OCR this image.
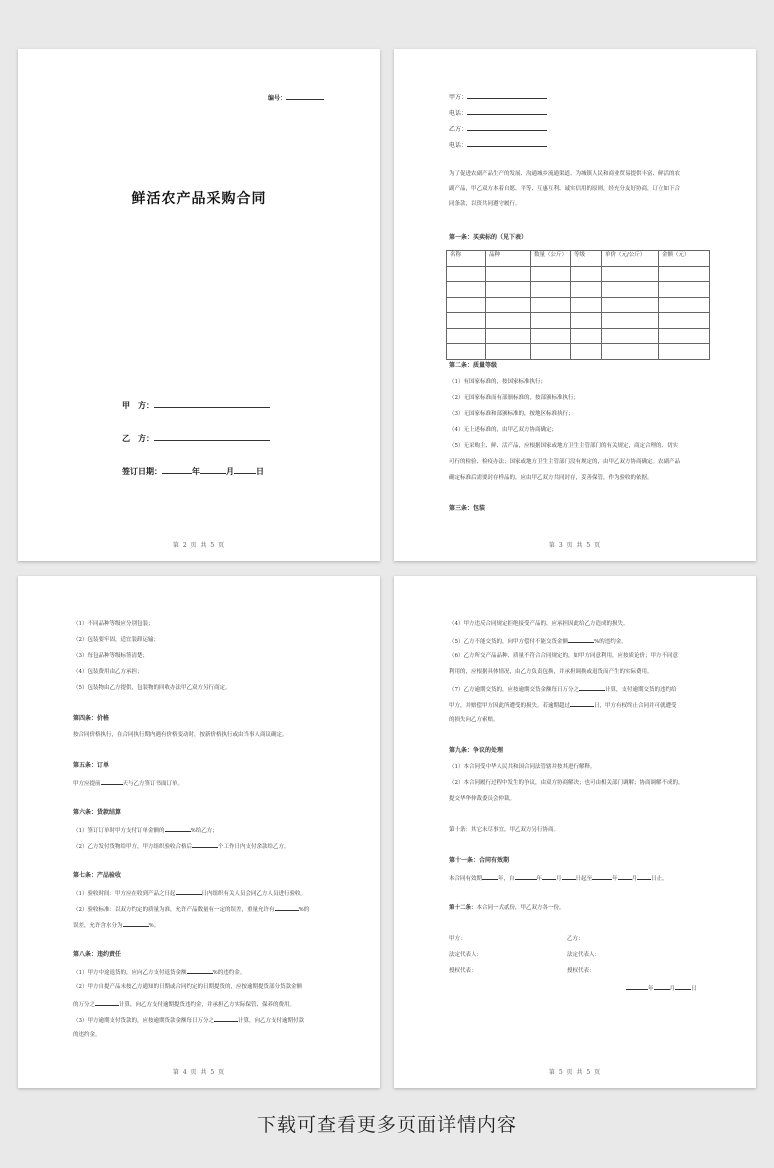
编号：
鲜活农产品采购合同
甲　方：
乙　方：
签订日期：	年	月	日
第 2 页 共 5 页
甲方：
电话：
乙方：
电话：
为了促进农副产品生产的发展、沟通城乡流通渠道、为城镇人民和商业贸易提供丰富、鲜活的农
副产品，甲乙双方本着自愿、平等、互惠互利、诚实信用的原则，经充分友好协商，订立如下合
同条款，以资共同遵守履行。
第一条：买卖标的（见下表）
名称	品种	数量（公斤）	等级	单价（元/公斤）	金额（元）

第二条：质量等级
（1）有国家标准的，按国家标准执行；
（2）无国家标准而有部颁标准的，按部颁标准执行；
（3）无国家标准和部颁标准的，按地区标准执行；
（4）无上述标准的，由甲乙双方协商确定；
（5）无采购主、鲜、活产品，应根据国家或地方卫生主管部门的有关规定，商定合理的、切实
可行的检验、检疫办法；国家或地方卫生主管部门没有规定的，由甲乙双方协商确定。农副产品
确定标准后需要封存样品的，应由甲乙双方共同封存，妥善保管，作为验收的依据。
第三条：包装
第 3 页 共 5 页
（1）不同品种等级应分别包装；
（2）包装要牢固，适宜装卸运输；
（3）每包品种等级标签清楚；
（4）包装费用由乙方承担；
（5）包装物由乙方提供，包装物的回收办法甲乙双方另行商定。
第四条：价格
按合同价格执行，在合同执行期内遇有价格变动时，按新价格执行或由当事人商议确定。
第五条：订单
甲方应提前	天与乙方签订书面订单。
第六条：货款结算
（1）签订订单时甲方支付订单金额的	%给乙方；
（2）乙方发付货物给甲方，甲方组织验收合格后	个工作日内支付余款给乙方。
第七条：产品验收
（1）验收时间：甲方应在收到产品之日起	日内组织有关人员会同乙方人员进行验收。
（2）验收标准：以双方约定的质量为准，允许产品数量有一定的误差，重量允许有	%的
误差，允许含水分为	%。
第八条：违约责任
（1）甲方中途退货的，应向乙方支付退货金额	%的违约金。
（2）甲方自提产品未按乙方通知的日期或合同约定的日期提货的，应按逾期提货部分货款金额
的万分之	计算，向乙方支付逾期提货违约金，并承担乙方实际保管、保养的费用。
（3）甲方逾期支付货款的，应按逾期货款金额每日万分之	计算，向乙方支付逾期付款
的违约金。
第 4 页 共 5 页
（4）甲方违反合同规定拒绝接受产品的，应承担因此给乙方造成的损失。
（5）乙方不能交货的，向甲方偿付不能交货金额	%的违约金。
（6）乙方所交产品品种、质量不符合合同规定的，如甲方同意利用，应按质论价；甲方不同意
利用的，应根据具体情况，由乙方负责包换，并承担调换或退货而产生的实际费用。
（7）乙方逾期交货的，应按逾期交货金额每日万分之	计算，支付逾期交货的违约给
甲方，并赔偿甲方因此所遭受的损失。若逾期超过	日，甲方有权终止合同并可就遭受
的损失向乙方索赔。
第九条：争议的处理
（1）本合同受中华人民共和国合同法管辖并按其进行解释。
（2）本合同履行过程中发生的争议，由双方协商解决；也可由相关部门调解；协商调解不成的，
提交华华仲裁委员会仲裁。
第十条：其它未尽事宜，甲乙双方另行协商。
第十一条：合同有效期
本合同有效期	年，自	年	月	日起至	年	月	日止。
第十二条：本合同一式贰份，甲乙双方各一份。
甲方：	乙方：
法定代表人：	法定代表人：
授权代表：	授权代表：
年	月	日
第 5 页 共 5 页
下载可查看更多页面详情内容
